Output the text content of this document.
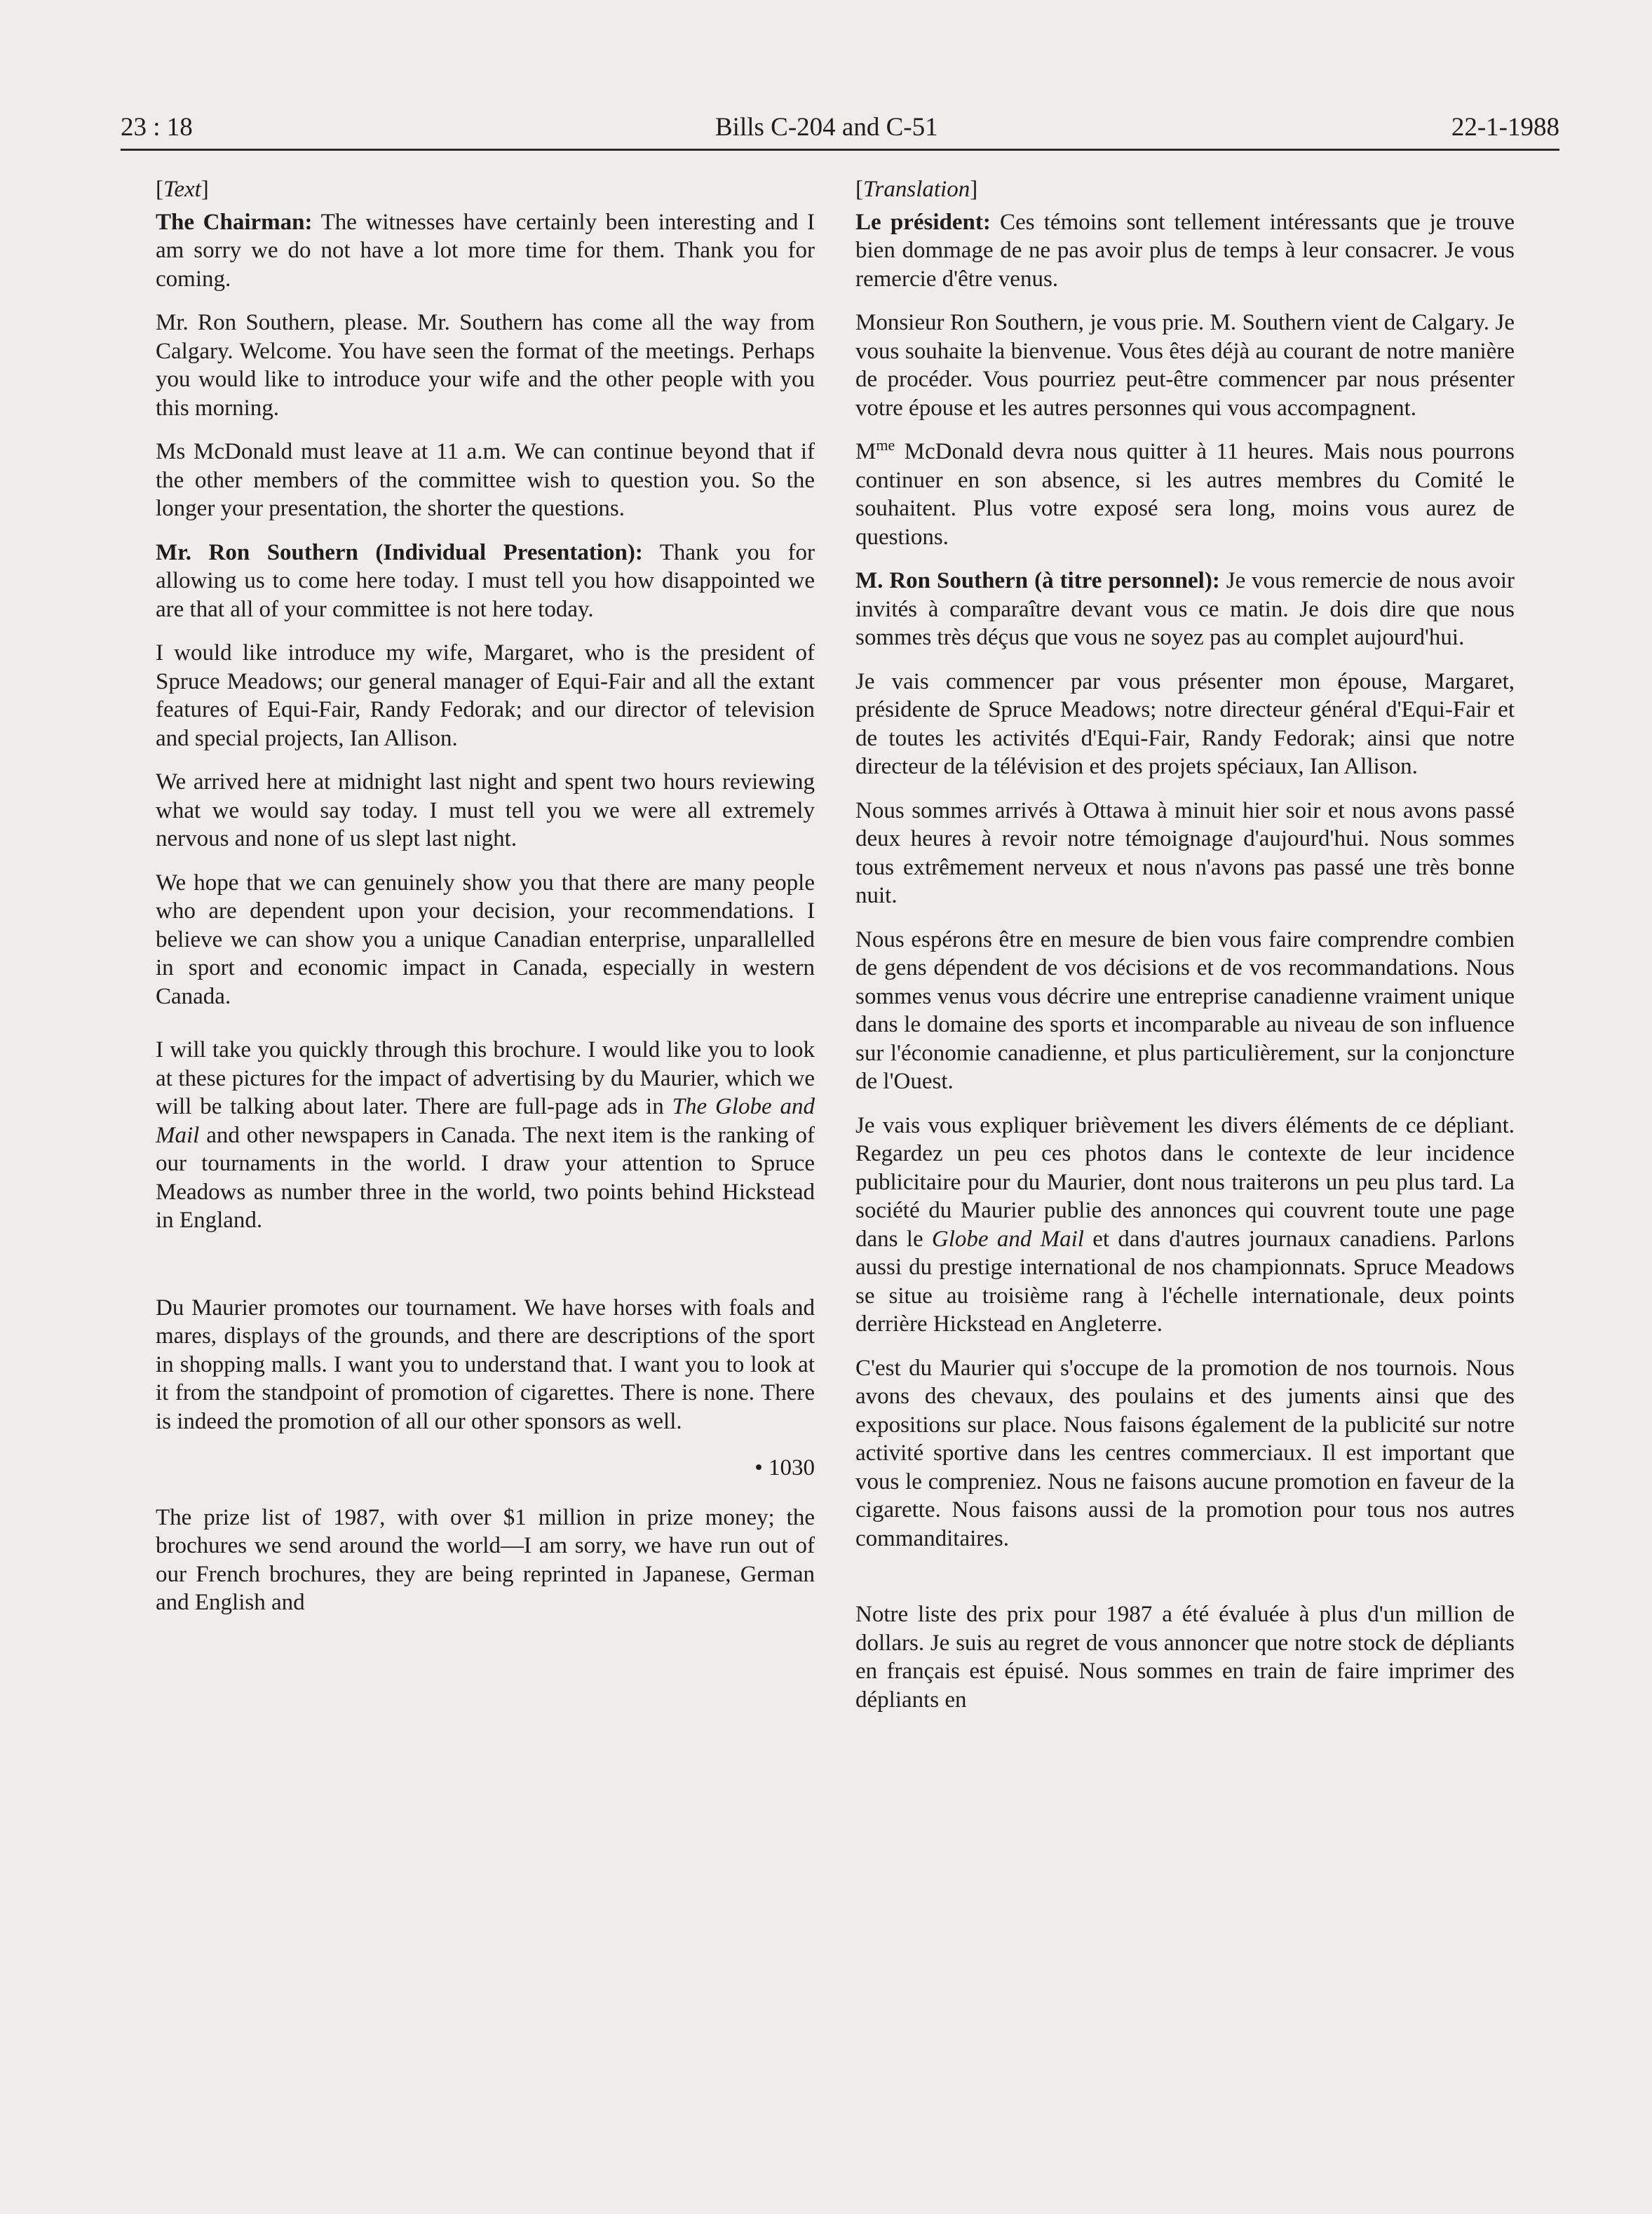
23 : 18	Bills C-204 and C-51	22-1-1988
[Text]

The Chairman: The witnesses have certainly been interesting and I am sorry we do not have a lot more time for them. Thank you for coming.

Mr. Ron Southern, please. Mr. Southern has come all the way from Calgary. Welcome. You have seen the format of the meetings. Perhaps you would like to introduce your wife and the other people with you this morning.

Ms McDonald must leave at 11 a.m. We can continue beyond that if the other members of the committee wish to question you. So the longer your presentation, the shorter the questions.

Mr. Ron Southern (Individual Presentation): Thank you for allowing us to come here today. I must tell you how disappointed we are that all of your committee is not here today.

I would like introduce my wife, Margaret, who is the president of Spruce Meadows; our general manager of Equi-Fair and all the extant features of Equi-Fair, Randy Fedorak; and our director of television and special projects, Ian Allison.

We arrived here at midnight last night and spent two hours reviewing what we would say today. I must tell you we were all extremely nervous and none of us slept last night.

We hope that we can genuinely show you that there are many people who are dependent upon your decision, your recommendations. I believe we can show you a unique Canadian enterprise, unparallelled in sport and economic impact in Canada, especially in western Canada.

I will take you quickly through this brochure. I would like you to look at these pictures for the impact of advertising by du Maurier, which we will be talking about later. There are full-page ads in The Globe and Mail and other newspapers in Canada. The next item is the ranking of our tournaments in the world. I draw your attention to Spruce Meadows as number three in the world, two points behind Hickstead in England.

Du Maurier promotes our tournament. We have horses with foals and mares, displays of the grounds, and there are descriptions of the sport in shopping malls. I want you to understand that. I want you to look at it from the standpoint of promotion of cigarettes. There is none. There is indeed the promotion of all our other sponsors as well.

• 1030

The prize list of 1987, with over $1 million in prize money; the brochures we send around the world—I am sorry, we have run out of our French brochures, they are being reprinted in Japanese, German and English and

[Translation]

Le président: Ces témoins sont tellement intéressants que je trouve bien dommage de ne pas avoir plus de temps à leur consacrer. Je vous remercie d'être venus.

Monsieur Ron Southern, je vous prie. M. Southern vient de Calgary. Je vous souhaite la bienvenue. Vous êtes déjà au courant de notre manière de procéder. Vous pourriez peut-être commencer par nous présenter votre épouse et les autres personnes qui vous accompagnent.

$M^{me}$ McDonald devra nous quitter à 11 heures. Mais nous pourrons continuer en son absence, si les autres membres du Comité le souhaitent. Plus votre exposé sera long, moins vous aurez de questions.

M. Ron Southern (à titre personnel): Je vous remercie de nous avoir invités à comparaître devant vous ce matin. Je dois dire que nous sommes très déçus que vous ne soyez pas au complet aujourd'hui.

Je vais commencer par vous présenter mon épouse, Margaret, présidente de Spruce Meadows; notre directeur général d'Equi-Fair et de toutes les activités d'Equi-Fair, Randy Fedorak; ainsi que notre directeur de la télévision et des projets spéciaux, Ian Allison.

Nous sommes arrivés à Ottawa à minuit hier soir et nous avons passé deux heures à revoir notre témoignage d'aujourd'hui. Nous sommes tous extrêmement nerveux et nous n'avons pas passé une très bonne nuit.

Nous espérons être en mesure de bien vous faire comprendre combien de gens dépendent de vos décisions et de vos recommandations. Nous sommes venus vous décrire une entreprise canadienne vraiment unique dans le domaine des sports et incomparable au niveau de son influence sur l'économie canadienne, et plus particulièrement, sur la conjoncture de l'Ouest.

Je vais vous expliquer brièvement les divers éléments de ce dépliant. Regardez un peu ces photos dans le contexte de leur incidence publicitaire pour du Maurier, dont nous traiterons un peu plus tard. La société du Maurier publie des annonces qui couvrent toute une page dans le Globe and Mail et dans d'autres journaux canadiens. Parlons aussi du prestige international de nos championnats. Spruce Meadows se situe au troisième rang à l'échelle internationale, deux points derrière Hickstead en Angleterre.

C'est du Maurier qui s'occupe de la promotion de nos tournois. Nous avons des chevaux, des poulains et des juments ainsi que des expositions sur place. Nous faisons également de la publicité sur notre activité sportive dans les centres commerciaux. Il est important que vous le compreniez. Nous ne faisons aucune promotion en faveur de la cigarette. Nous faisons aussi de la promotion pour tous nos autres commanditaires.

Notre liste des prix pour 1987 a été évaluée à plus d'un million de dollars. Je suis au regret de vous annoncer que notre stock de dépliants en français est épuisé. Nous sommes en train de faire imprimer des dépliants en
